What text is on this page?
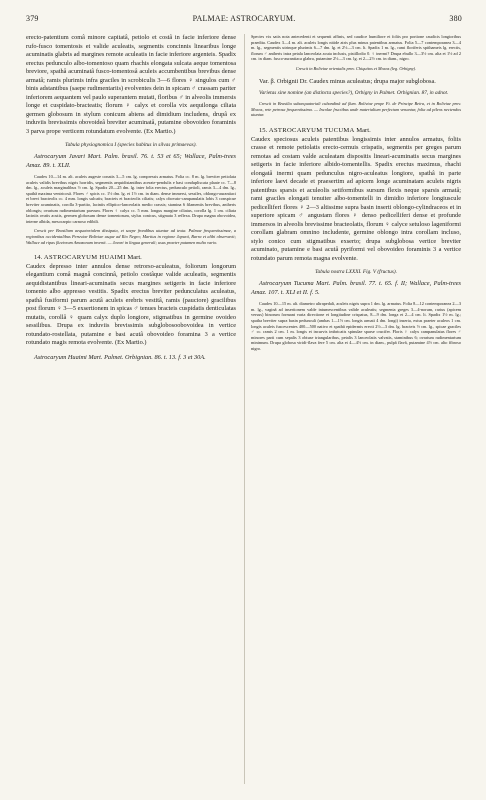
379	PALMAE: ASTROCARYUM.	380

erecto-patentium comâ minore capitatâ, petiolo et costâ in facie inferiore dense rufo-fusco tomentosis et valide aculeatis, segmentis concinnis linearibus longe acuminatis glabris ad margines remote aculeatis in facie inferiore argenteis. Spadix erectus pedunculo albo-tomentoso quam rhachis elongata sulcata aeque tomentosa breviore, spathâ acuminatâ fusco-tomentosâ aculeis accumbentibus brevibus dense armatâ; ramis plurimis infra graciles in scrobiculis 3—6 flores ♀ singulos cum ♂ binis adstantibus (saepe rudimentariis) evolventes dein in spicam ♂ crassam pariter inferiorem aequantem vel paulo superantem mutati, floribus ♂ in alveolis immersis longe et cuspidato-bracteatis; florum ♀ calyx et corolla vix aequilonga ciliata germen globosum in stylum conicum abiens ad dimidium includens, drupâ ex induviis brevissimis obovoideâ breviter acuminatâ, putamine obovoideo foraminis 3 parva prope verticem rotundatum evolvente. (Ex Martio.)

Tabula physiognomica I (species habitus in silvas primaevas).

Astrocaryum Javari Mart. Palm. brasil. 76. t. 53 et 65; Wallace, Palm-trees Amaz. 89. t. XLII.

Caudex 10—14 m. alt. aculeis augeste conatis 3—5 cm. lg. compressis armatus. Folia cc. 8 m. lg. breviter petiolata aculeis validis brevibus nigris horridis, segmentis aequidistantibus acerate-pendulis e basi condupliscata plaate cc. 7—8 dm. lg., aculeis marginalibus ½ cm. lg. Spadix 20—25 dm. lg. inter folia erectus, pedunculo petioli, ramis 3—4 dm. lg., spathâ maxima ventricosâ. Flores ♂ spicis cc. 1½ dm. lg. et 1½ cm. in diam. dense immersi, sessiles, oblongo-aurantiaci et brevi bracteolis cc. 4 mm. longis sulcatis; bracteis et bracteolis ciliatis; calyx obovato-campanulatis lobis 3 conspicue breviter acuminatis, corolla 3-partito, laciniis elliptico-lanceolatis medio crassis; stamina 6 filamentis brevibus, antheris oblongis; ovarium rudimentarium parvum. Flores ♀ calyx cc. 5 mm. longus margine ciliatus, corolla lg. 1 cm. ciliata laciniis ovatis acutis, germen globosum dense tomentosum, stylus conicus, stigmata 3 reflexa. Drupa magna obovoidea, interne albida, mesocarpio carnoso edibili.

Crescit per Brasiliam aequatorialem dissipata, et saepe frondibus utuntur ad texta. Palmae frequentissimae, a regionibus occidentalibus Peruviae Boliviae usque ad Rio Negro; Martius in regione Japurá, Barra et alibi observavit; Wallace ad ripas fluviorum Amazonum invenit. — Javari in lingua generali; usus praeter putamen multo vario.

14. ASTROCARYUM HUAIMI Mart.

Caudex depresso inter annulos dense retrorso-aculeatus, foliorum longorum elegantium comâ magnâ concinnâ, petiolo costâque valide aculeatis, segmentis aequidistantibus lineari-acuminatis secus margines setigeris in facie inferiore tomento albo appresso vestitis. Spadix erectus breviter pedunculatus aculeatus, spathâ fusiformi parum acutâ aculeis erebris vestitâ, ramis (pauciore) gracilibus post florum ♀ 3—5 exsertionem in spicas ♂ tenues bracteis cuspidatis denticulatas mutatis, corollâ ♀ quam calyx duplo longiore, stigmatibus in germine ovoideo sessilibus. Drupa ex induviis brevissimis subglobosoobovoidea in vertice rotundato-rostellata, putamine e basi acutâ obovoideo foramina 3 a vertice rotundato magis remota evolvente. (Ex Martio.)

Astrocaryum Huaimi Mart. Palmet. Orbignian. 86. t. 13. f. 3 et 30A.

Species vix satis nota antecedenti et sequenti affinis, sed caudice humiliore et foliis pro portione caudicis longioribus praedita. Caudex 3—4 m. alt. aculeis longis nitide atris plus minus patentibus armatus. Folia 5—7 contemporanea 3—4 m. lg., segmentis utrinque plurimis 6—7 dm. lg. et 2½—3 cm. lt. Spadix 1 m. lg., rami floriferis spithameis lg. erectis, florum ♂ antheris intra petala lanceolata acuta inclusis, pistillodio 0. ♀ inermi? Drupa ebullo 3—3½ cm. alta et 1½ ad 2 cm. in diam. fusco-aurantiaca glabra, putamine 2½—3 cm. lg. et 2—2½ cm. in diam., nigro.

Crescit in Boliviae orientalis prov. Chiquitos et Moxos (leg. Orbigny).

Var. β. Orbignii Dr. Caudex minus aculeatus; drupa major subglobosa.

Varietas sine nomine (an distincta species?), Orbigny in Palmet. Orbignian. 87, in adnot.

Crescit in Brasilia subaequatoriali cubandinâ ad flum. Boliviae prope Ft. de Principe Beira, et in Boliviae prov. Moxos, rete petrosa frequentissima. — Incolae fructibus unde materialium perfectum venantur, folia ad pileos nectendos utuntur.

15. ASTROCARYUM TUCUMA Mart.

Caudex speciosus aculeis patentibus longissimis inter annulos armatus, foliis crasse et remote petiolatis erecto-cernuis crispatis, segmentis per greges parum remotas ad costam valde aculeatam dispositis lineari-acuminatis secus margines setigeris in facie inferiore albido-tomentellis. Spadix erectus maximus, rhachi elongatâ inermi quam pedunculus nigro-aculeatus longiore, spathâ in parte inferiore laevi decade et praesertim ad apicem longe acuminatam aculeis nigris patentibus sparsis et aculeolis setiformibus sursum flexis neque sparsis armatâ; rami graciles elongati tenuiter albo-tomentelli in dimidio inferiore longiuscule pedicelliferi flores ♀ 2—3 altissime supra basin inserti oblongo-cylindraceos et in superiore spicam ♂ angustam flores ♀ denso pedicelliferi dense et profunde immersos in alveolis brevissime bracteolatis, florum ♀ calyce setuloso lageniformi corollam glabram omnino includente, germine oblongo intra corollam incluso, stylo conico cum stigmatibus exserto; drupa subglobosa vertice breviter acuminato, putamine e basi acutâ pyriformi vel obovoideo foraminis 3 a vertice rotundato parum remota magna evolvente.

Tabula nostra LXXXI. Fig. V (fructus).

Astrocaryum Tucuma Mart. Palm. brasil. 77. t. 65. f. II; Wallace, Palm-trees Amaz. 107. t. XLI et II. f. 5.

Caudex 10—15 m. alt. diametro ultrapedali, aculeis nigris supra 1 dm. lg. armatus. Folia 8—12 contemporanea 2—3 m. lg., vaginâ ad insertionem valde intumescentibus valide aculeatis; segmenta greges 3—4-norum, rarius (apicem versus) binorum formant varia directione et longitudine crispatus, 8—9 dm. longa et 2—4 cm. lt. Spadix 1½ m. lg.; spatha breviter supra basin pedunculi (ambas 1—1½ cm. longis armati 4 dm. longi) inserta, extus praeter aculeos 1 cm. longis aculeis fuscescentes 400—500 nativo et spathâ epidermis erecti 2½—3 dm. lg. bracteis ½ cm. lg., spicae graciles ♂ cc. ramis 2 cm. 1 m. longis et incurvis imbricatis spinulae sparse crucifer. Floris ♀ calyx campanulatus flores ♂ minores parti cum sepalis 3 obtuse triangularibus, petalis 3 lanceolatis valvatis, staminibus 6; ovarium rudimentarium minimum. Drupa globosa viridi-flava fere 5 cm. alta et 4—4½ cm. in diam., pulpâ flavâ, putamine 4½ cm. alto fibroso nigro.
